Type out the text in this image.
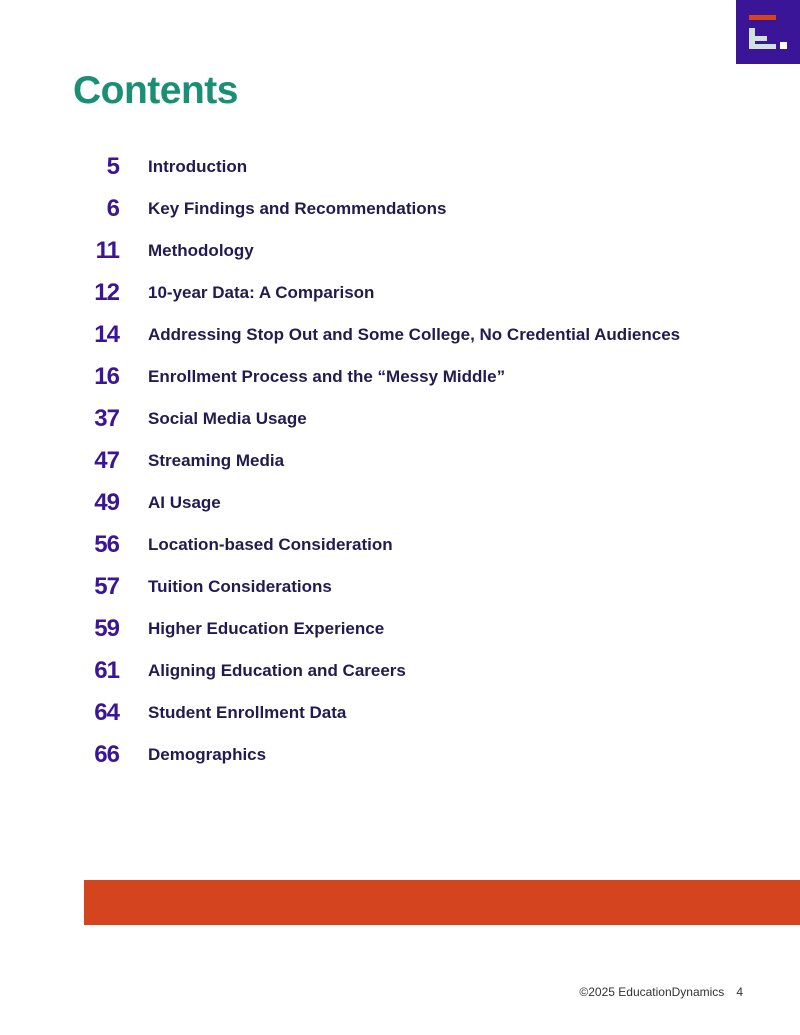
Contents
5 Introduction
6 Key Findings and Recommendations
11 Methodology
12 10-year Data: A Comparison
14 Addressing Stop Out and Some College, No Credential Audiences
16 Enrollment Process and the “Messy Middle”
37 Social Media Usage
47 Streaming Media
49 AI Usage
56 Location-based Consideration
57 Tuition Considerations
59 Higher Education Experience
61 Aligning Education and Careers
64 Student Enrollment Data
66 Demographics
©2025 EducationDynamics 4
